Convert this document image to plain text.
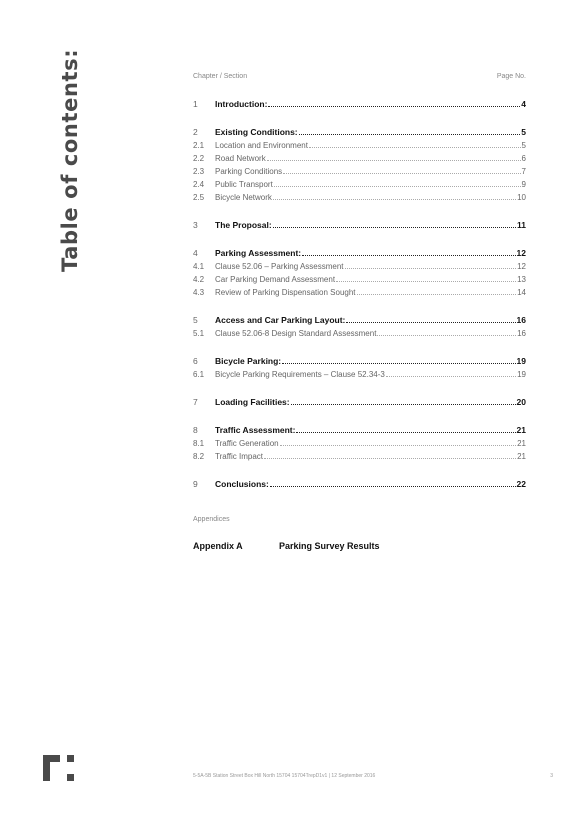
Table of contents:	Chapter / Section	Page No.
1	Introduction:	4
2	Existing Conditions:	5
2.1	Location and Environment	5
2.2	Road Network	6
2.3	Parking Conditions	7
2.4	Public Transport	9
2.5	Bicycle Network	10
3	The Proposal:	11
4	Parking Assessment:	12
4.1	Clause 52.06 – Parking Assessment	12
4.2	Car Parking Demand Assessment	13
4.3	Review of Parking Dispensation Sought	14
5	Access and Car Parking Layout:	16
5.1	Clause 52.06-8 Design Standard Assessment	16
6	Bicycle Parking:	19
6.1	Bicycle Parking Requirements – Clause 52.34-3	19
7	Loading Facilities:	20
8	Traffic Assessment:	21
8.1	Traffic Generation	21
8.2	Traffic Impact	21
9	Conclusions:	22
Appendices
Appendix A	Parking Survey Results
5-5A-5B Station Street Box Hill North 15704 15704TrepD1v1 | 12 September 2016	3
